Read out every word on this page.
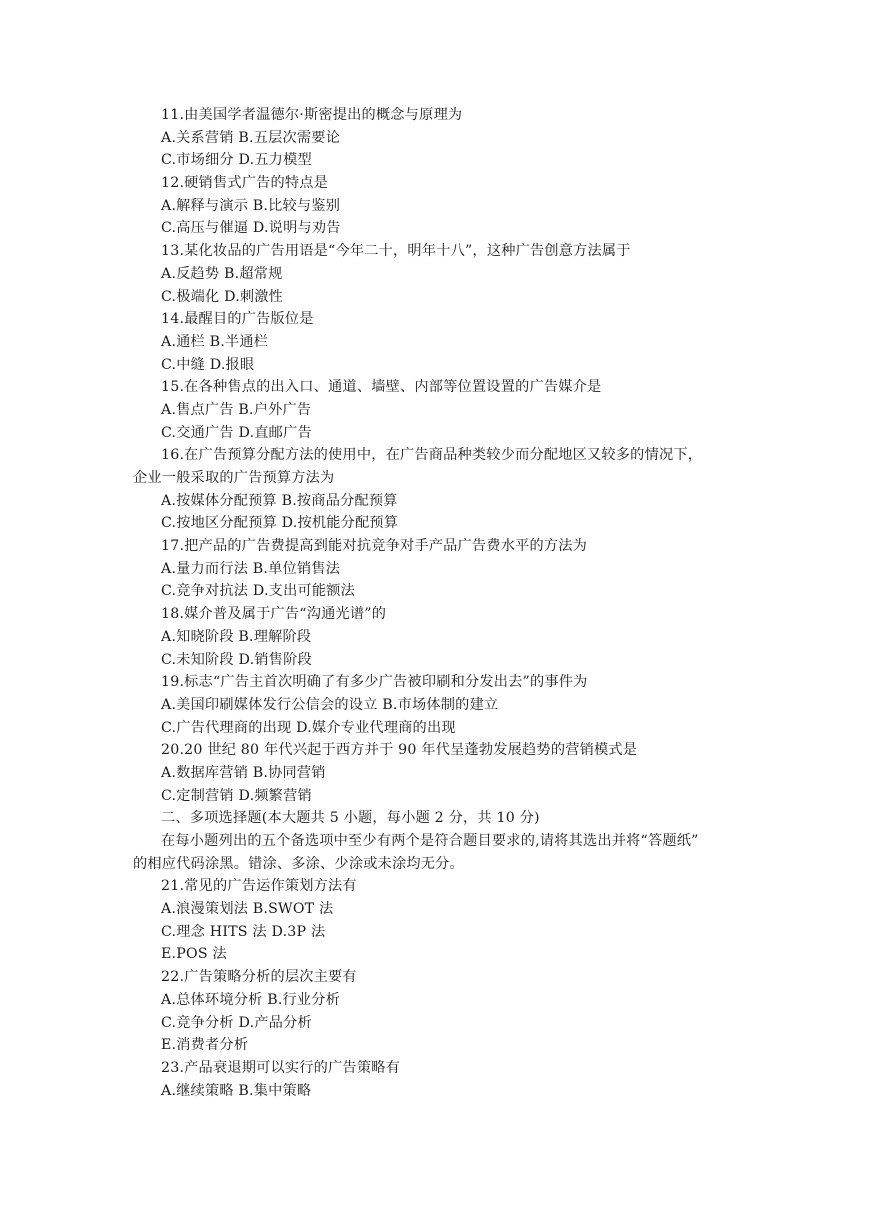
11.由美国学者温德尔·斯密提出的概念与原理为
A.关系营销 B.五层次需要论
C.市场细分 D.五力模型
12.硬销售式广告的特点是
A.解释与演示 B.比较与鉴别
C.高压与催逼 D.说明与劝告
13.某化妆品的广告用语是“今年二十，明年十八”，这种广告创意方法属于
A.反趋势 B.超常规
C.极端化 D.刺激性
14.最醒目的广告版位是
A.通栏 B.半通栏
C.中缝 D.报眼
15.在各种售点的出入口、通道、墙壁、内部等位置设置的广告媒介是
A.售点广告 B.户外广告
C.交通广告 D.直邮广告
16.在广告预算分配方法的使用中，在广告商品种类较少而分配地区又较多的情况下，
企业一般采取的广告预算方法为
A.按媒体分配预算 B.按商品分配预算
C.按地区分配预算 D.按机能分配预算
17.把产品的广告费提高到能对抗竞争对手产品广告费水平的方法为
A.量力而行法 B.单位销售法
C.竞争对抗法 D.支出可能额法
18.媒介普及属于广告“沟通光谱”的
A.知晓阶段 B.理解阶段
C.未知阶段 D.销售阶段
19.标志“广告主首次明确了有多少广告被印刷和分发出去”的事件为
A.美国印刷媒体发行公信会的设立 B.市场体制的建立
C.广告代理商的出现 D.媒介专业代理商的出现
20.20 世纪 80 年代兴起于西方并于 90 年代呈蓬勃发展趋势的营销模式是
A.数据库营销 B.协同营销
C.定制营销 D.频繁营销
二、多项选择题(本大题共 5 小题，每小题 2 分，共 10 分)
在每小题列出的五个备选项中至少有两个是符合题目要求的,请将其选出并将“答题纸”
的相应代码涂黑。错涂、多涂、少涂或未涂均无分。
21.常见的广告运作策划方法有
A.浪漫策划法 B.SWOT 法
C.理念 HITS 法 D.3P 法
E.POS 法
22.广告策略分析的层次主要有
A.总体环境分析 B.行业分析
C.竞争分析 D.产品分析
E.消费者分析
23.产品衰退期可以实行的广告策略有
A.继续策略 B.集中策略
